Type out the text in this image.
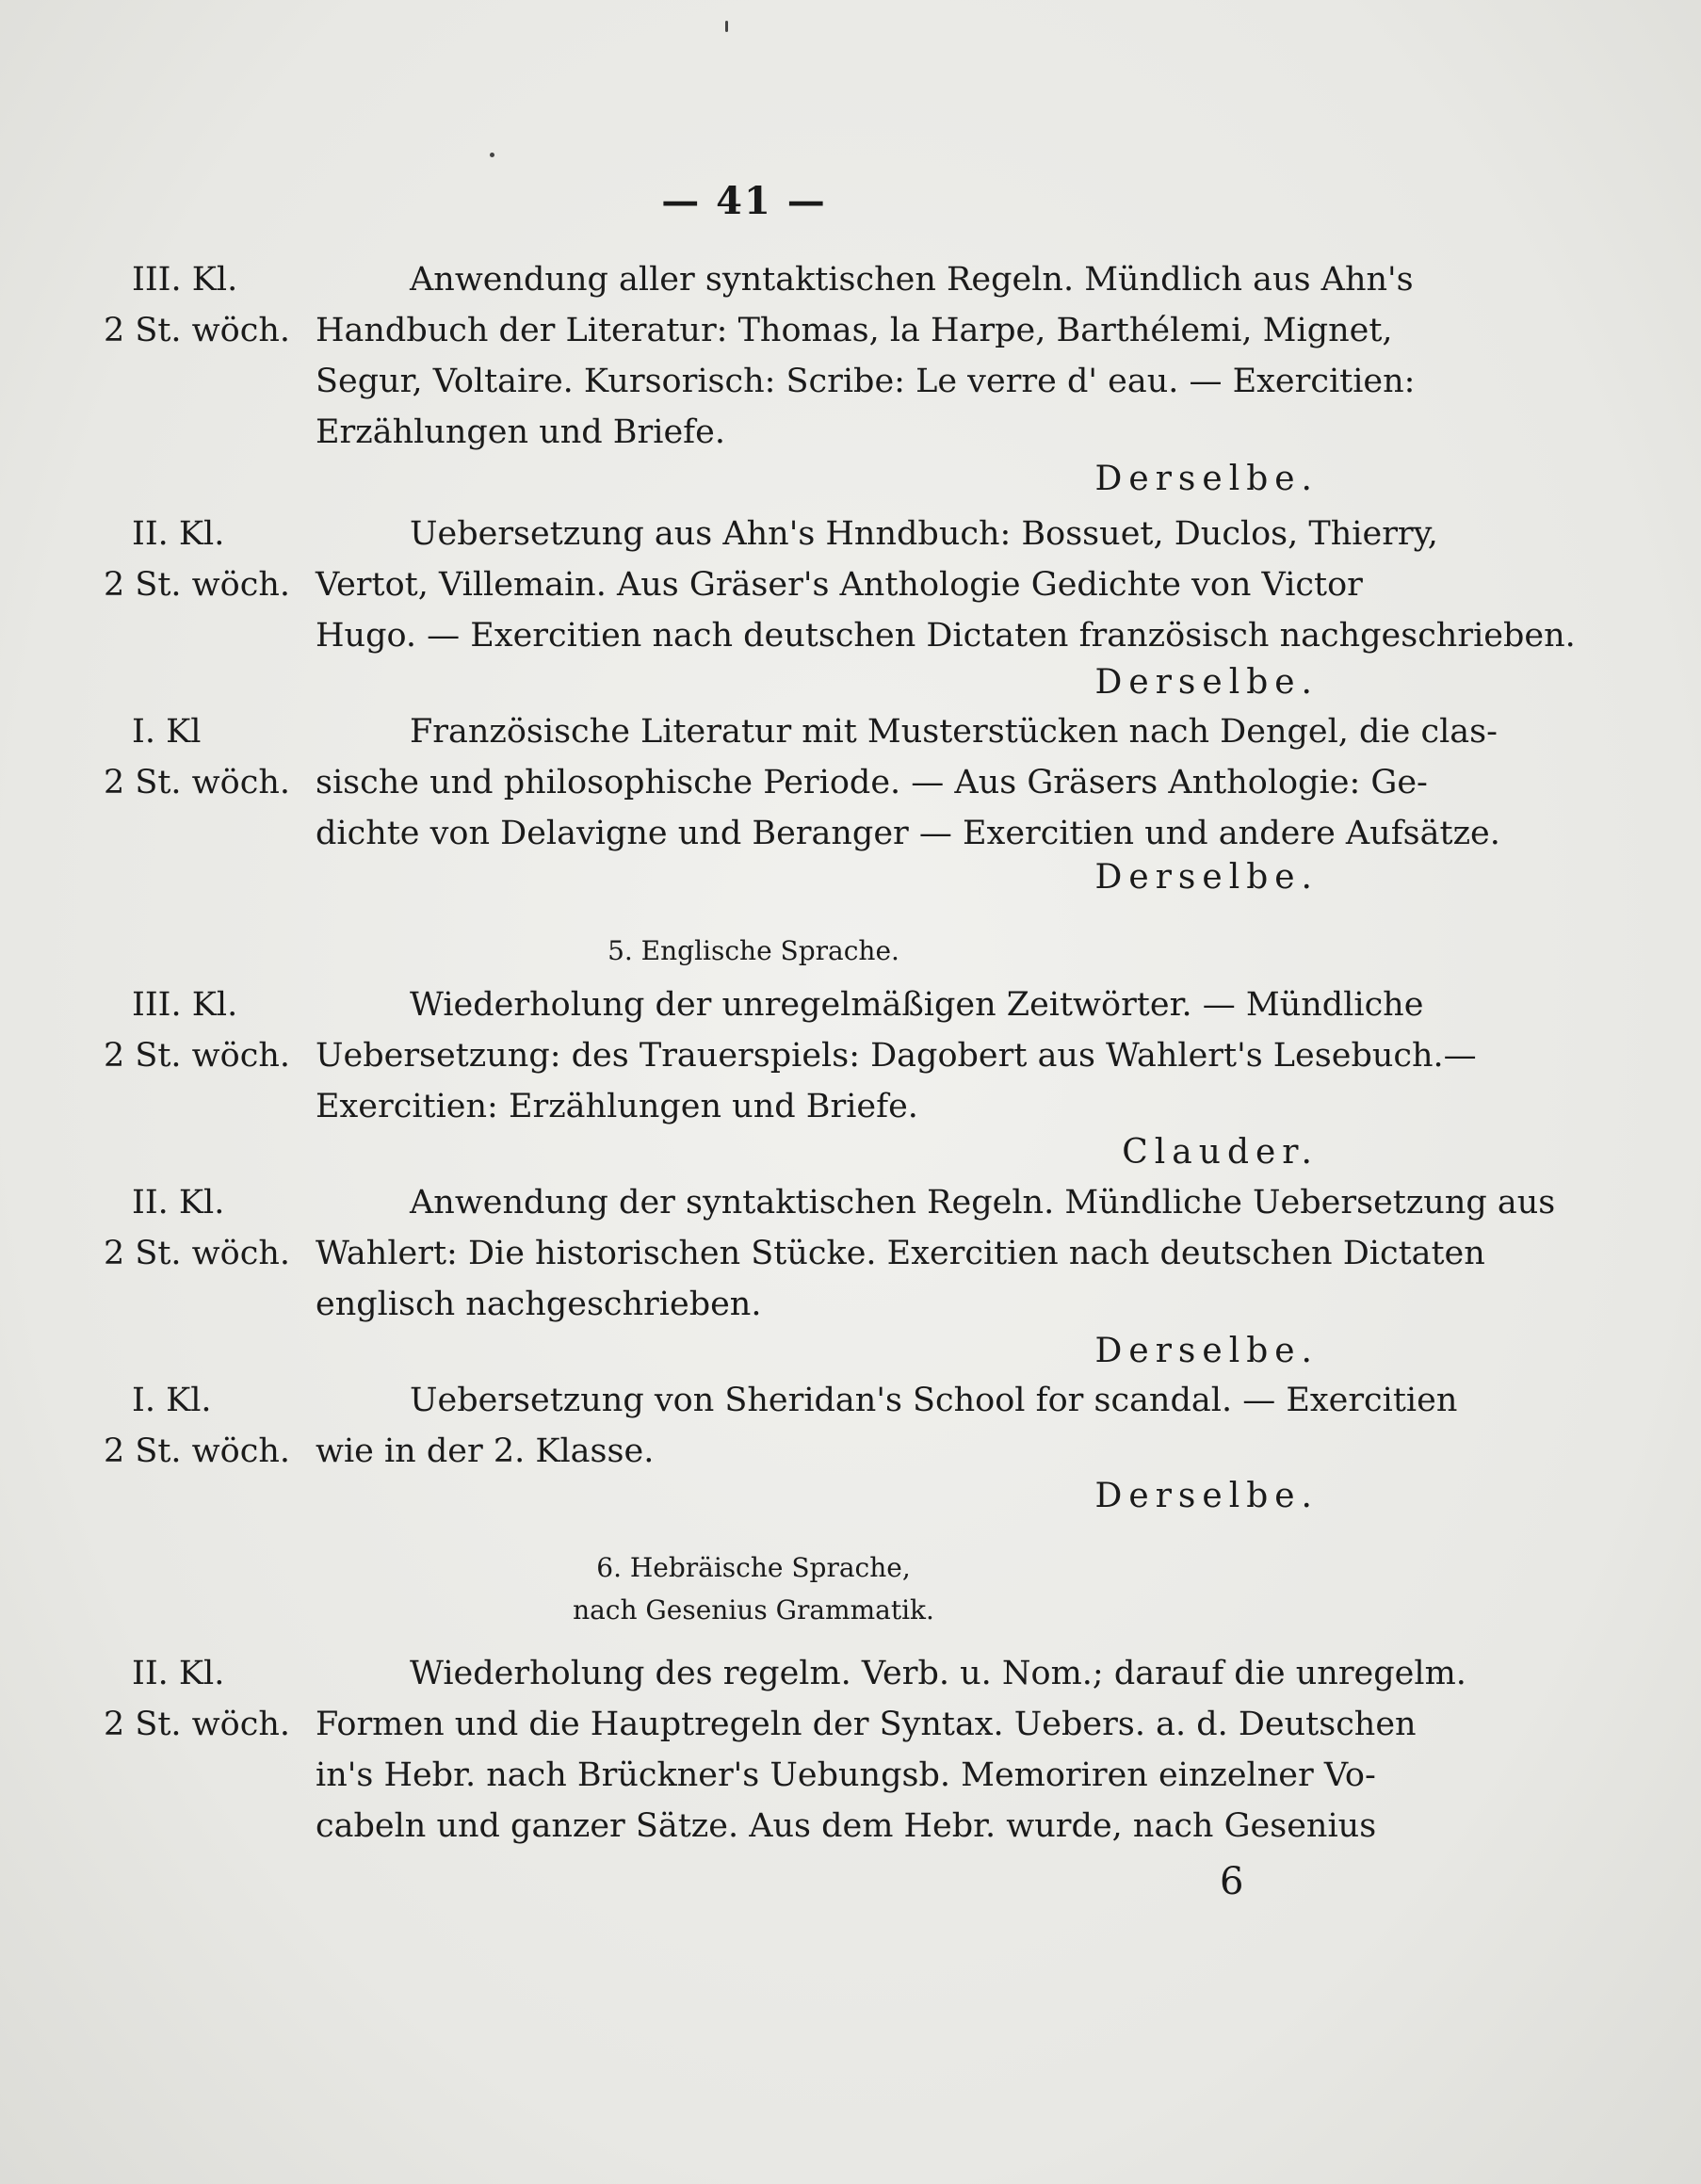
— 41 —
III. Kl.
2 St. wöch.
Anwendung aller syntaktischen Regeln. Mündlich aus Ahn's
Handbuch der Literatur: Thomas, la Harpe, Barthélemi, Mignet,
Segur, Voltaire. Kursorisch: Scribe: Le verre d' eau. — Exercitien:
Erzählungen und Briefe.
Derselbe.
II. Kl.
2 St. wöch.
Uebersetzung aus Ahn's Hnndbuch: Bossuet, Duclos, Thierry,
Vertot, Villemain. Aus Gräser's Anthologie Gedichte von Victor
Hugo. — Exercitien nach deutschen Dictaten französisch nachgeschrieben.
Derselbe.
I. Kl
2 St. wöch.
Französische Literatur mit Musterstücken nach Dengel, die clas-
sische und philosophische Periode. — Aus Gräsers Anthologie: Ge-
dichte von Delavigne und Beranger — Exercitien und andere Aufsätze.
Derselbe.
5. Englische Sprache.
III. Kl.
2 St. wöch.
Wiederholung der unregelmäßigen Zeitwörter. — Mündliche
Uebersetzung: des Trauerspiels: Dagobert aus Wahlert's Lesebuch.—
Exercitien: Erzählungen und Briefe.
Clauder.
II. Kl.
2 St. wöch.
Anwendung der syntaktischen Regeln. Mündliche Uebersetzung aus
Wahlert: Die historischen Stücke. Exercitien nach deutschen Dictaten
englisch nachgeschrieben.
Derselbe.
I. Kl.
2 St. wöch.
Uebersetzung von Sheridan's School for scandal. — Exercitien
wie in der 2. Klasse.
Derselbe.
6. Hebräische Sprache,
nach Gesenius Grammatik.
II. Kl.
2 St. wöch.
Wiederholung des regelm. Verb. u. Nom.; darauf die unregelm.
Formen und die Hauptregeln der Syntax. Uebers. a. d. Deutschen
in's Hebr. nach Brückner's Uebungsb. Memoriren einzelner Vo-
cabeln und ganzer Sätze. Aus dem Hebr. wurde, nach Gesenius
6
